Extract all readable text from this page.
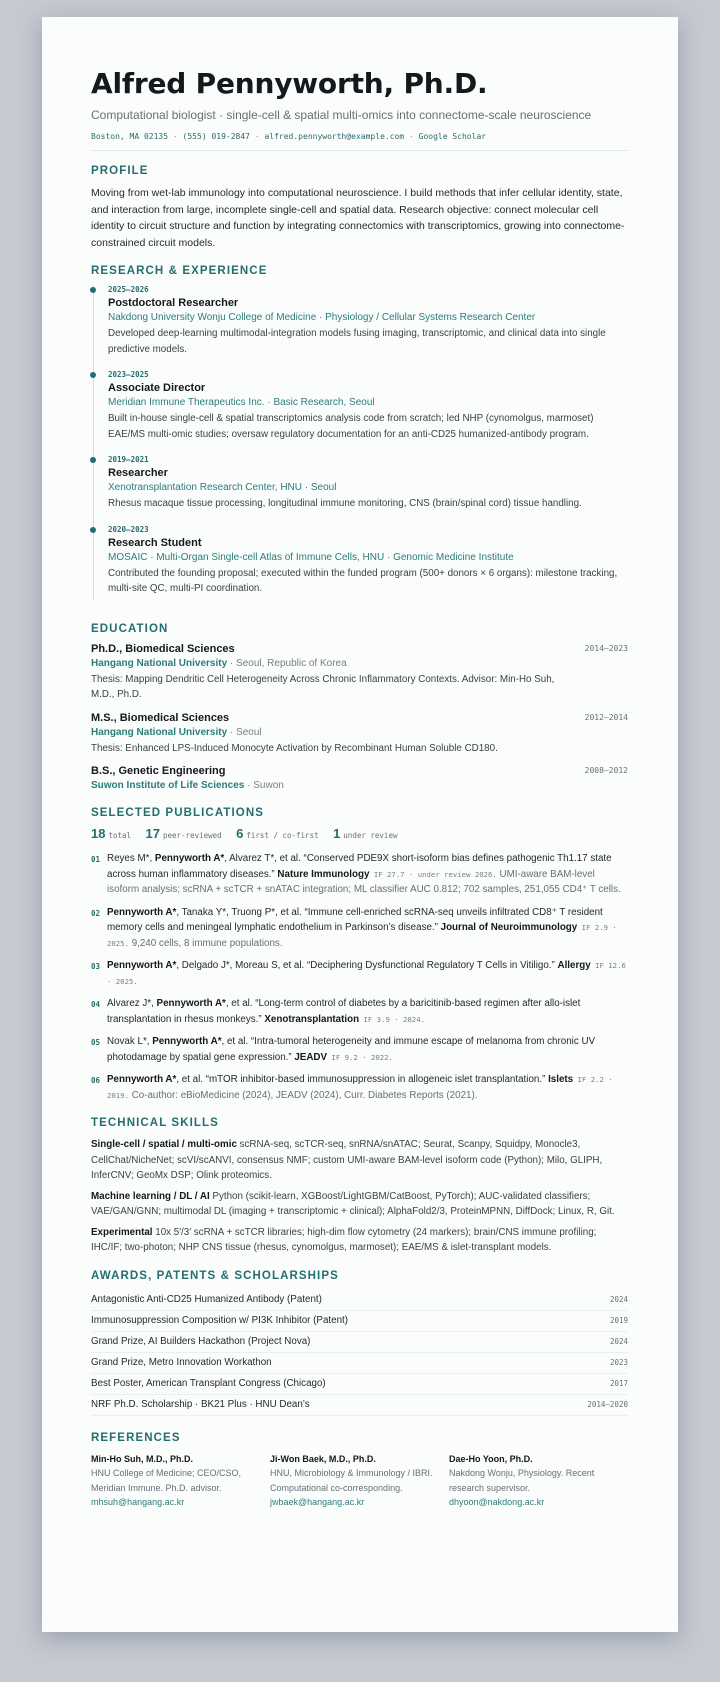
Alfred Pennyworth, Ph.D.
Computational biologist · single-cell & spatial multi-omics into connectome-scale neuroscience
Boston, MA 02135 · (555) 019-2847 · alfred.pennyworth@example.com · Google Scholar
PROFILE

Moving from wet-lab immunology into computational neuroscience. I build methods that infer cellular identity, state, and interaction from large, incomplete single-cell and spatial data. Research objective: connect molecular cell identity to circuit structure and function by integrating connectomics with transcriptomics, growing into connectome-constrained circuit models.

RESEARCH & EXPERIENCE
2025–2026
Postdoctoral Researcher
Nakdong University Wonju College of Medicine · Physiology / Cellular Systems Research Center
Developed deep-learning multimodal-integration models fusing imaging, transcriptomic, and clinical data into single predictive models.
2023–2025
Associate Director
Meridian Immune Therapeutics Inc. · Basic Research, Seoul
Built in-house single-cell & spatial transcriptomics analysis code from scratch; led NHP (cynomolgus, marmoset) EAE/MS multi-omic studies; oversaw regulatory documentation for an anti-CD25 humanized-antibody program.
2019–2021
Researcher
Xenotransplantation Research Center, HNU · Seoul
Rhesus macaque tissue processing, longitudinal immune monitoring, CNS (brain/spinal cord) tissue handling.
2020–2023
Research Student
MOSAIC · Multi-Organ Single-cell Atlas of Immune Cells, HNU · Genomic Medicine Institute
Contributed the founding proposal; executed within the funded program (500+ donors × 6 organs): milestone tracking, multi-site QC, multi-PI coordination.
EDUCATION
Ph.D., Biomedical Sciences	2014–2023
Hangang National University · Seoul, Republic of Korea
Thesis: Mapping Dendritic Cell Heterogeneity Across Chronic Inflammatory Contexts. Advisor: Min-Ho Suh, M.D., Ph.D.
M.S., Biomedical Sciences	2012–2014
Hangang National University · Seoul
Thesis: Enhanced LPS-Induced Monocyte Activation by Recombinant Human Soluble CD180.
B.S., Genetic Engineering	2008–2012
Suwon Institute of Life Sciences · Suwon
SELECTED PUBLICATIONS
18 total 17 peer-reviewed 6 first / co-first 1 under review
01 Reyes M*, Pennyworth A*, Alvarez T*, et al. “Conserved PDE9X short-isoform bias defines pathogenic Th1.17 state across human inflammatory diseases.” Nature Immunology IF 27.7 · under review 2026. UMI-aware BAM-level isoform analysis; scRNA + scTCR + snATAC integration; ML classifier AUC 0.812; 702 samples, 251,055 CD4⁺ T cells.
02 Pennyworth A*, Tanaka Y*, Truong P*, et al. “Immune cell-enriched scRNA-seq unveils infiltrated CD8⁺ T resident memory cells and meningeal lymphatic endothelium in Parkinson’s disease.” Journal of Neuroimmunology IF 2.9 · 2025. 9,240 cells, 8 immune populations.
03 Pennyworth A*, Delgado J*, Moreau S, et al. “Deciphering Dysfunctional Regulatory T Cells in Vitiligo.” Allergy IF 12.6 · 2025.
04 Alvarez J*, Pennyworth A*, et al. “Long-term control of diabetes by a baricitinib-based regimen after allo-islet transplantation in rhesus monkeys.” Xenotransplantation IF 3.9 · 2024.
05 Novak L*, Pennyworth A*, et al. “Intra-tumoral heterogeneity and immune escape of melanoma from chronic UV photodamage by spatial gene expression.” JEADV IF 9.2 · 2022.
06 Pennyworth A*, et al. “mTOR inhibitor-based immunosuppression in allogeneic islet transplantation.” Islets IF 2.2 · 2019. Co-author: eBioMedicine (2024), JEADV (2024), Curr. Diabetes Reports (2021).
TECHNICAL SKILLS
Single-cell / spatial / multi-omic scRNA-seq, scTCR-seq, snRNA/snATAC; Seurat, Scanpy, Squidpy, Monocle3, CellChat/NicheNet; scVI/scANVI, consensus NMF; custom UMI-aware BAM-level isoform code (Python); Milo, GLIPH, InferCNV; GeoMx DSP; Olink proteomics.
Machine learning / DL / AI Python (scikit-learn, XGBoost/LightGBM/CatBoost, PyTorch); AUC-validated classifiers; VAE/GAN/GNN; multimodal DL (imaging + transcriptomic + clinical); AlphaFold2/3, ProteinMPNN, DiffDock; Linux, R, Git.
Experimental 10x 5′/3′ scRNA + scTCR libraries; high-dim flow cytometry (24 markers); brain/CNS immune profiling; IHC/IF; two-photon; NHP CNS tissue (rhesus, cynomolgus, marmoset); EAE/MS & islet-transplant models.
AWARDS, PATENTS & SCHOLARSHIPS
Antagonistic Anti-CD25 Humanized Antibody (Patent)	2024
Immunosuppression Composition w/ PI3K Inhibitor (Patent)	2019
Grand Prize, AI Builders Hackathon (Project Nova)	2024
Grand Prize, Metro Innovation Workathon	2023
Best Poster, American Transplant Congress (Chicago)	2017
NRF Ph.D. Scholarship · BK21 Plus · HNU Dean’s	2014–2020
REFERENCES
Min-Ho Suh, M.D., Ph.D.
HNU College of Medicine; CEO/CSO, Meridian Immune. Ph.D. advisor.
mhsuh@hangang.ac.kr
Ji-Won Baek, M.D., Ph.D.
HNU, Microbiology & Immunology / IBRI. Computational co-corresponding.
jwbaek@hangang.ac.kr
Dae-Ho Yoon, Ph.D.
Nakdong Wonju, Physiology. Recent research supervisor.
dhyoon@nakdong.ac.kr
